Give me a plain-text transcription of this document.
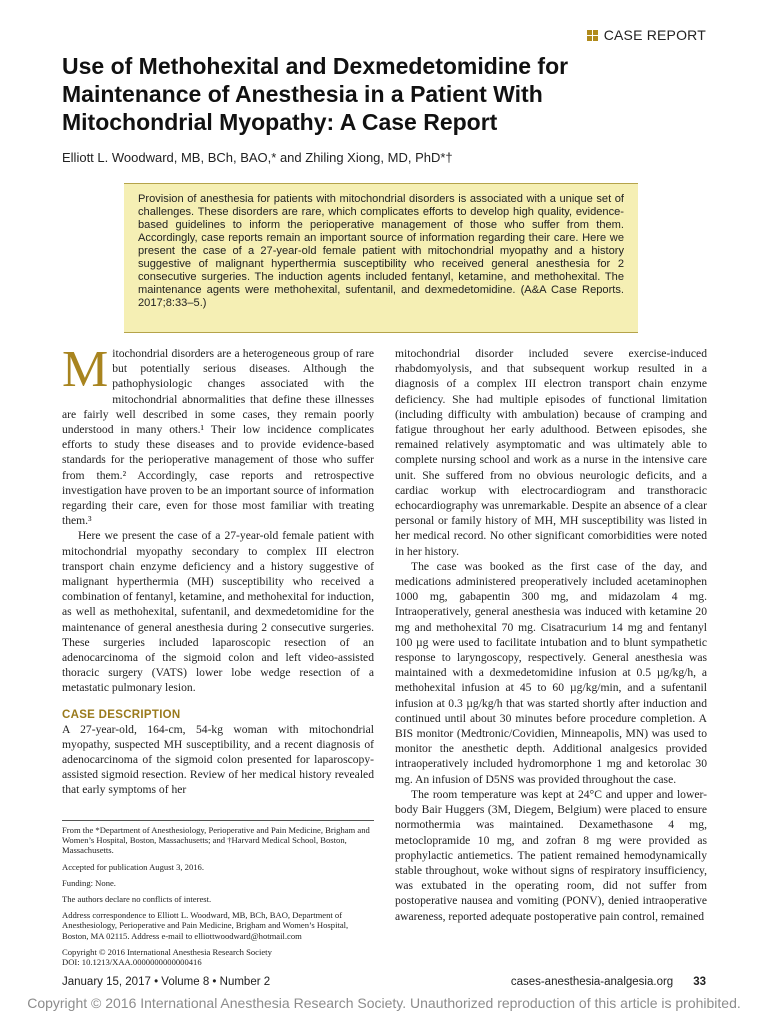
CASE REPORT
Use of Methohexital and Dexmedetomidine for Maintenance of Anesthesia in a Patient With Mitochondrial Myopathy: A Case Report
Elliott L. Woodward, MB, BCh, BAO,* and Zhiling Xiong, MD, PhD*†
Provision of anesthesia for patients with mitochondrial disorders is associated with a unique set of challenges. These disorders are rare, which complicates efforts to develop high quality, evidence-based guidelines to inform the perioperative management of those who suffer from them. Accordingly, case reports remain an important source of information regarding their care. Here we present the case of a 27-year-old female patient with mitochondrial myopathy and a history suggestive of malignant hyperthermia susceptibility who received general anesthesia for 2 consecutive surgeries. The induction agents included fentanyl, ketamine, and methohexital. The maintenance agents were methohexital, sufentanil, and dexmedetomidine. (A&A Case Reports. 2017;8:33–5.)

Mitochondrial disorders are a heterogeneous group of rare but potentially serious diseases. Although the pathophysiologic changes associated with the mitochondrial abnormalities that define these illnesses are fairly well described in some cases, they remain poorly understood in many others.¹ Their low incidence complicates efforts to study these diseases and to provide evidence-based standards for the perioperative management of those who suffer from them.² Accordingly, case reports and retrospective investigation have proven to be an important source of information regarding their care, even for those most familiar with treating them.³

Here we present the case of a 27-year-old female patient with mitochondrial myopathy secondary to complex III electron transport chain enzyme deficiency and a history suggestive of malignant hyperthermia (MH) susceptibility who received a combination of fentanyl, ketamine, and methohexital for induction, as well as methohexital, sufentanil, and dexmedetomidine for the maintenance of general anesthesia during 2 consecutive surgeries. These surgeries included laparoscopic resection of an adenocarcinoma of the sigmoid colon and left video-assisted thoracic surgery (VATS) lower lobe wedge resection of a metastatic pulmonary lesion.

CASE DESCRIPTION

A 27-year-old, 164-cm, 54-kg woman with mitochondrial myopathy, suspected MH susceptibility, and a recent diagnosis of adenocarcinoma of the sigmoid colon presented for laparoscopy-assisted sigmoid resection. Review of her medical history revealed that early symptoms of her

mitochondrial disorder included severe exercise-induced rhabdomyolysis, and that subsequent workup resulted in a diagnosis of a complex III electron transport chain enzyme deficiency. She had multiple episodes of functional limitation (including difficulty with ambulation) because of cramping and fatigue throughout her early adulthood. Between episodes, she remained relatively asymptomatic and was ultimately able to complete nursing school and work as a nurse in the intensive care unit. She suffered from no obvious neurologic deficits, and a cardiac workup with electrocardiogram and transthoracic echocardiography was unremarkable. Despite an absence of a clear personal or family history of MH, MH susceptibility was listed in her medical record. No other significant comorbidities were noted in her history.

The case was booked as the first case of the day, and medications administered preoperatively included acetaminophen 1000 mg, gabapentin 300 mg, and midazolam 4 mg. Intraoperatively, general anesthesia was induced with ketamine 20 mg and methohexital 70 mg. Cisatracurium 14 mg and fentanyl 100 µg were used to facilitate intubation and to blunt sympathetic response to laryngoscopy, respectively. General anesthesia was maintained with a dexmedetomidine infusion at 0.5 µg/kg/h, a methohexital infusion at 45 to 60 µg/kg/min, and a sufentanil infusion at 0.3 µg/kg/h that was started shortly after induction and continued until about 30 minutes before procedure completion. A BIS monitor (Medtronic/Covidien, Minneapolis, MN) was used to monitor the anesthetic depth. Additional analgesics provided intraoperatively included hydromorphone 1 mg and ketorolac 30 mg. An infusion of D5NS was provided throughout the case.

The room temperature was kept at 24°C and upper and lower-body Bair Huggers (3M, Diegem, Belgium) were placed to ensure normothermia was maintained. Dexamethasone 4 mg, metoclopramide 10 mg, and zofran 8 mg were provided as prophylactic antiemetics. The patient remained hemodynamically stable throughout, woke without signs of respiratory insufficiency, was extubated in the operating room, did not suffer from postoperative nausea and vomiting (PONV), denied intraoperative awareness, reported adequate postoperative pain control, remained

From the *Department of Anesthesiology, Perioperative and Pain Medicine, Brigham and Women’s Hospital, Boston, Massachusetts; and †Harvard Medical School, Boston, Massachusetts.

Accepted for publication August 3, 2016.

Funding: None.

The authors declare no conflicts of interest.

Address correspondence to Elliott L. Woodward, MB, BCh, BAO, Department of Anesthesiology, Perioperative and Pain Medicine, Brigham and Women’s Hospital, Boston, MA 02115. Address e-mail to elliottwoodward@hotmail.com

Copyright © 2016 International Anesthesia Research Society

DOI: 10.1213/XAA.0000000000000416

January 15, 2017 • Volume 8 • Number 2	cases-anesthesia-analgesia.org 33
Copyright © 2016 International Anesthesia Research Society. Unauthorized reproduction of this article is prohibited.
